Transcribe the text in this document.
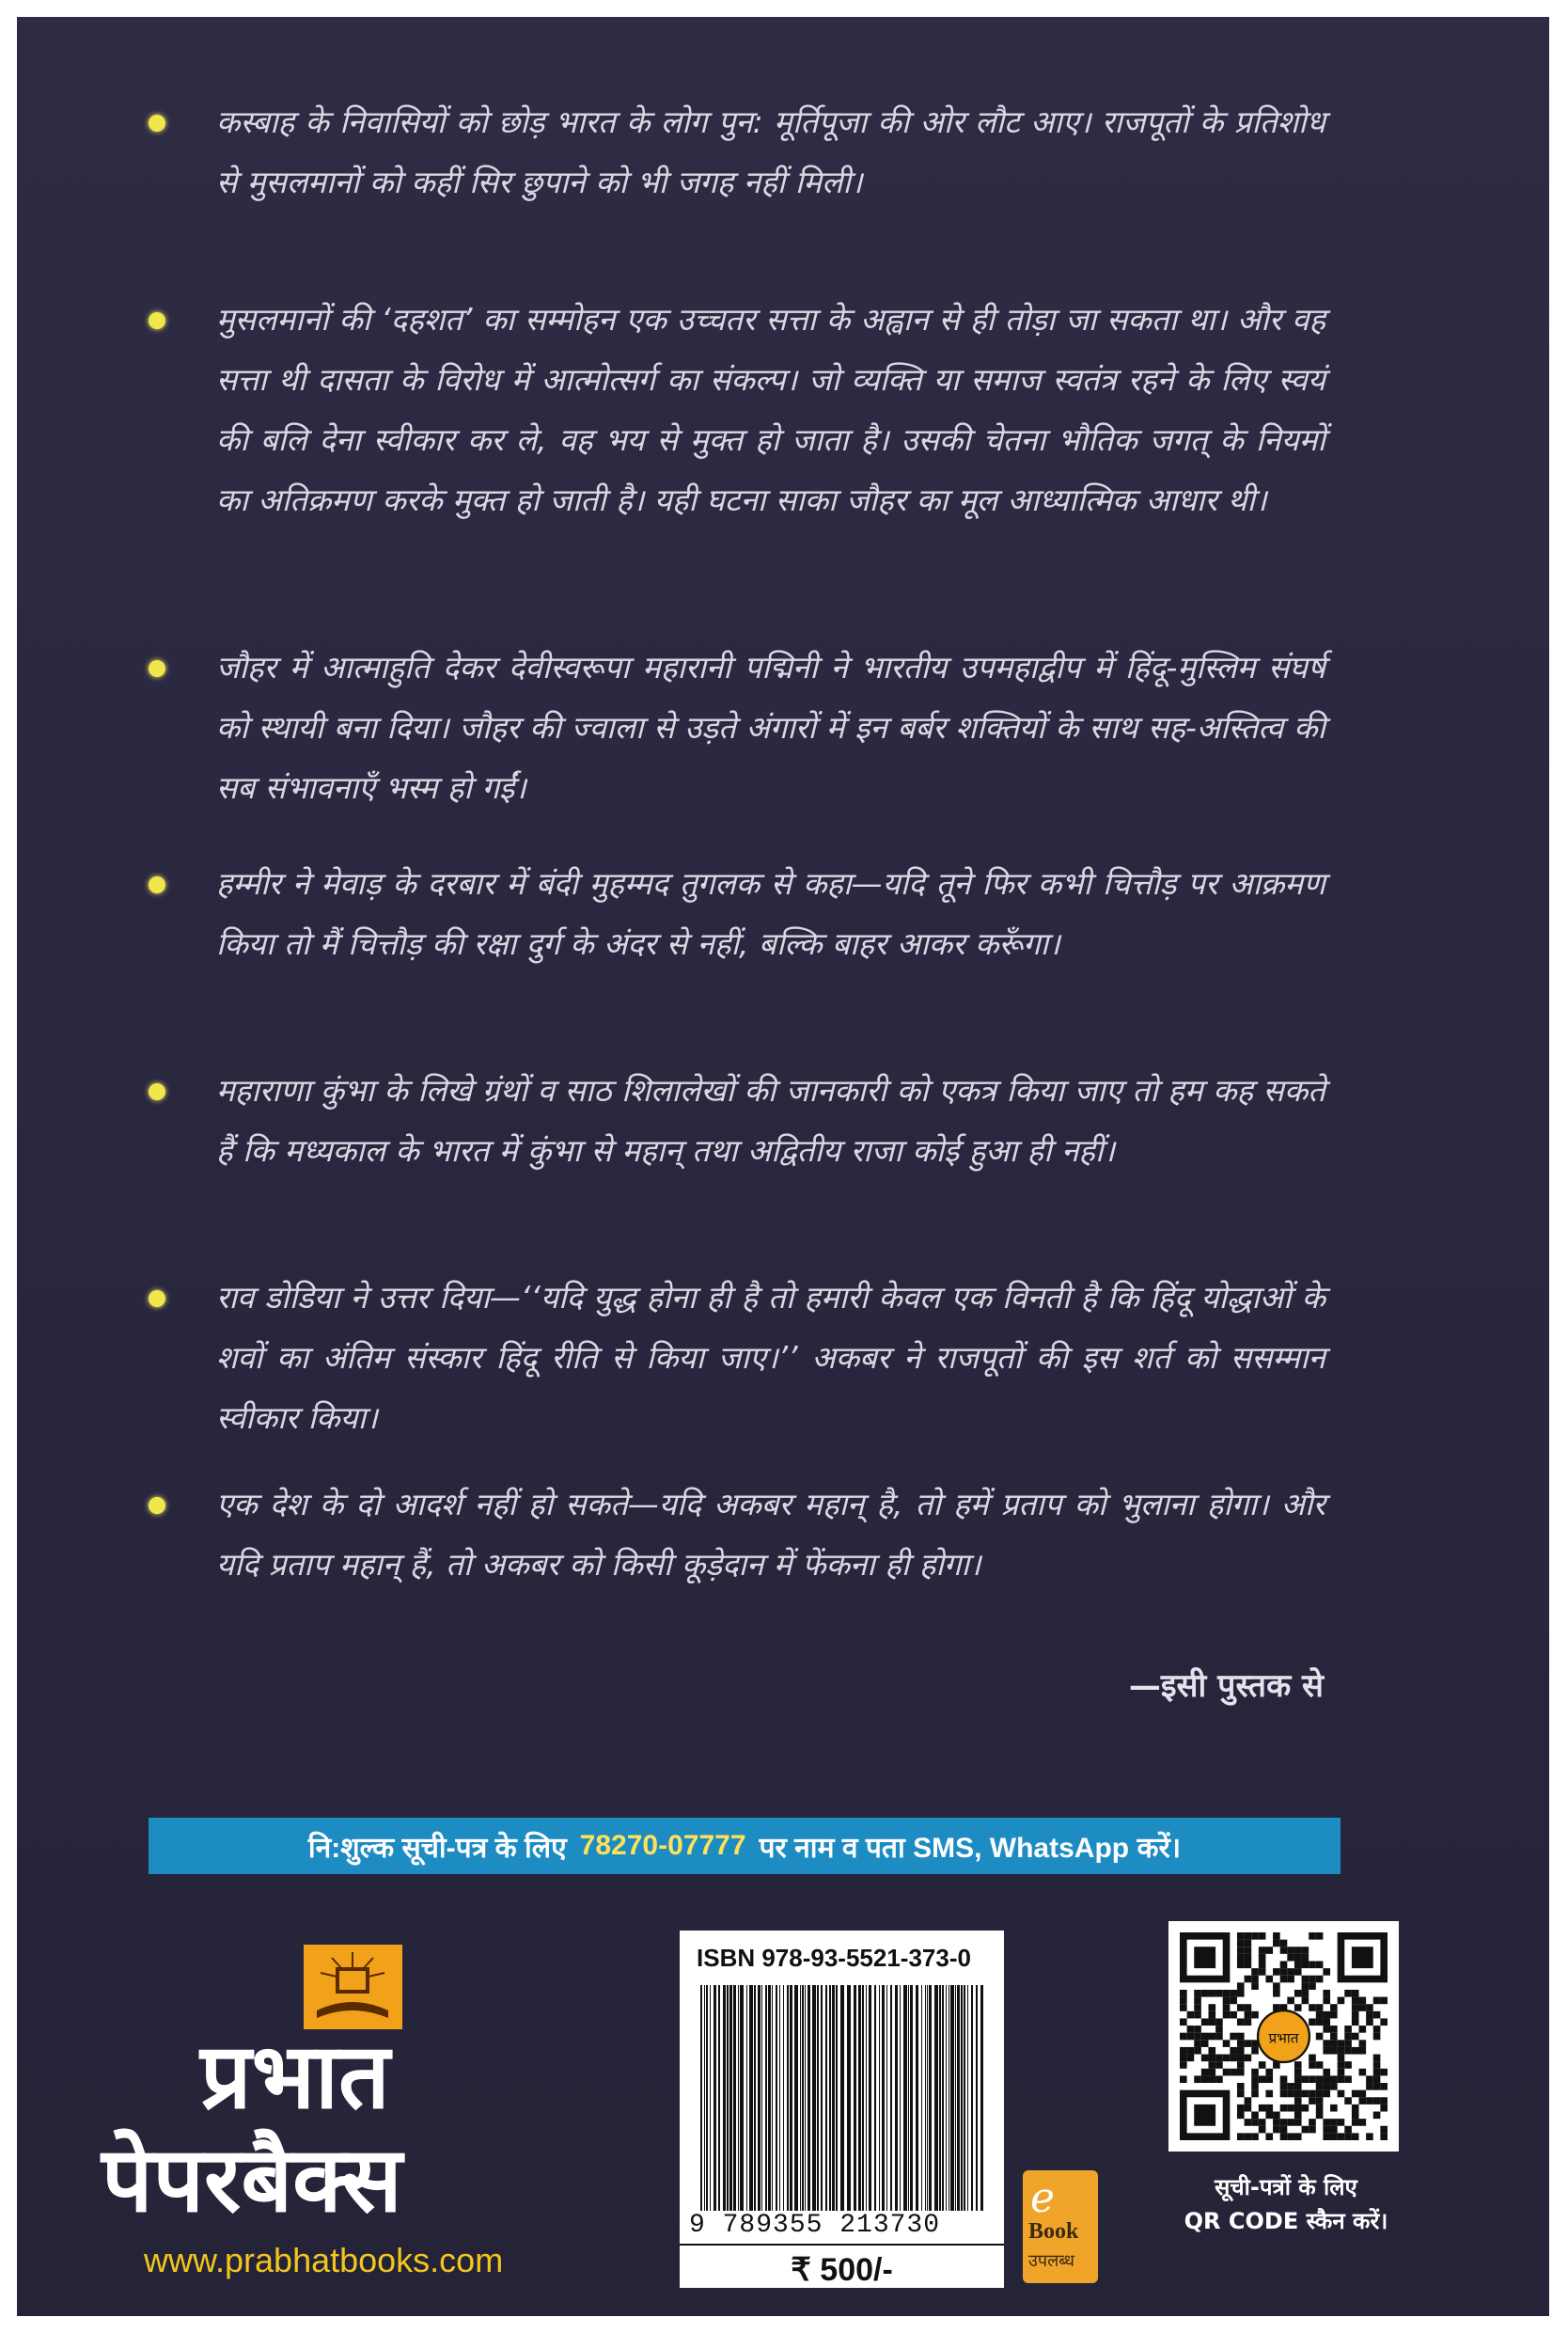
कस्बाह के निवासियों को छोड़ भारत के लोग पुन: मूर्तिपूजा की ओर लौट आए। राजपूतों के प्रतिशोध से मुसलमानों को कहीं सिर छुपाने को भी जगह नहीं मिली।
मुसलमानों की ‘दहशत’ का सम्मोहन एक उच्चतर सत्ता के अह्वान से ही तोड़ा जा सकता था। और वह सत्ता थी दासता के विरोध में आत्मोत्सर्ग का संकल्प। जो व्यक्ति या समाज स्वतंत्र रहने के लिए स्वयं की बलि देना स्वीकार कर ले, वह भय से मुक्त हो जाता है। उसकी चेतना भौतिक जगत् के नियमों का अतिक्रमण करके मुक्त हो जाती है। यही घटना साका जौहर का मूल आध्यात्मिक आधार थी।
जौहर में आत्माहुति देकर देवीस्वरूपा महारानी पद्मिनी ने भारतीय उपमहाद्वीप में हिंदू-मुस्लिम संघर्ष को स्थायी बना दिया। जौहर की ज्वाला से उड़ते अंगारों में इन बर्बर शक्तियों के साथ सह-अस्तित्व की सब संभावनाएँ भस्म हो गईं।
हम्मीर ने मेवाड़ के दरबार में बंदी मुहम्मद तुगलक से कहा—यदि तूने फिर कभी चित्तौड़ पर आक्रमण किया तो मैं चित्तौड़ की रक्षा दुर्ग के अंदर से नहीं, बल्कि बाहर आकर करूँगा।
महाराणा कुंभा के लिखे ग्रंथों व साठ शिलालेखों की जानकारी को एकत्र किया जाए तो हम कह सकते हैं कि मध्यकाल के भारत में कुंभा से महान् तथा अद्वितीय राजा कोई हुआ ही नहीं।
राव डोडिया ने उत्तर दिया—‘‘यदि युद्ध होना ही है तो हमारी केवल एक विनती है कि हिंदू योद्धाओं के शवों का अंतिम संस्कार हिंदू रीति से किया जाए।’’ अकबर ने राजपूतों की इस शर्त को ससम्मान स्वीकार किया।
एक देश के दो आदर्श नहीं हो सकते—यदि अकबर महान् है, तो हमें प्रताप को भुलाना होगा। और यदि प्रताप महान् हैं, तो अकबर को किसी कूड़ेदान में फेंकना ही होगा।
—इसी पुस्तक से
नि:शुल्क सूची-पत्र के लिए 78270-07777 पर नाम व पता SMS, WhatsApp करें।
प्रभात
पेपरबैक्स
www.prabhatbooks.com
ISBN 978-93-5521-373-0
9 789355 213730
₹ 500/-
e
Book
उपलब्ध
प्रभात
सूची-पत्रों के लिए
QR CODE स्कैन करें।
